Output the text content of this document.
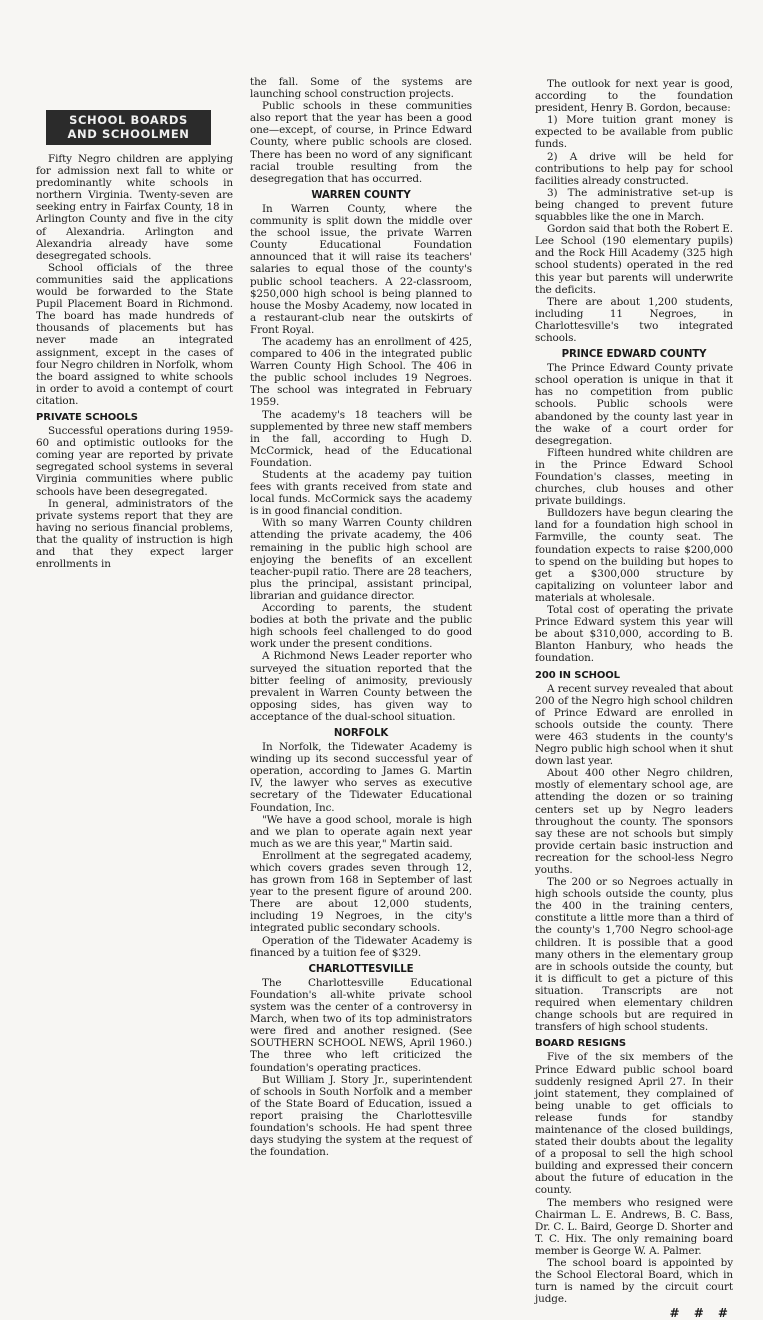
SCHOOL BOARDS
AND SCHOOLMEN

Fifty Negro children are applying for admission next fall to white or predominantly white schools in northern Virginia. Twenty-seven are seeking entry in Fairfax County, 18 in Arlington County and five in the city of Alexandria. Arlington and Alexandria already have some desegregated schools.

School officials of the three communities said the applications would be forwarded to the State Pupil Placement Board in Richmond. The board has made hundreds of thousands of placements but has never made an integrated assignment, except in the cases of four Negro children in Norfolk, whom the board assigned to white schools in order to avoid a contempt of court citation.

PRIVATE SCHOOLS

Successful operations during 1959-60 and optimistic outlooks for the coming year are reported by private segregated school systems in several Virginia communities where public schools have been desegregated.

In general, administrators of the private systems report that they are having no serious financial problems, that the quality of instruction is high and that they expect larger enrollments in

the fall. Some of the systems are launching school construction projects.

Public schools in these communities also report that the year has been a good one—except, of course, in Prince Edward County, where public schools are closed. There has been no word of any significant racial trouble resulting from the desegregation that has occurred.

WARREN COUNTY

In Warren County, where the community is split down the middle over the school issue, the private Warren County Educational Foundation announced that it will raise its teachers' salaries to equal those of the county's public school teachers. A 22-classroom, $250,000 high school is being planned to house the Mosby Academy, now located in a restaurant-club near the outskirts of Front Royal.

The academy has an enrollment of 425, compared to 406 in the integrated public Warren County High School. The 406 in the public school includes 19 Negroes. The school was integrated in February 1959.

The academy's 18 teachers will be supplemented by three new staff members in the fall, according to Hugh D. McCormick, head of the Educational Foundation.

Students at the academy pay tuition fees with grants received from state and local funds. McCormick says the academy is in good financial condition.

With so many Warren County children attending the private academy, the 406 remaining in the public high school are enjoying the benefits of an excellent teacher-pupil ratio. There are 28 teachers, plus the principal, assistant principal, librarian and guidance director.

According to parents, the student bodies at both the private and the public high schools feel challenged to do good work under the present conditions.

A Richmond News Leader reporter who surveyed the situation reported that the bitter feeling of animosity, previously prevalent in Warren County between the opposing sides, has given way to acceptance of the dual-school situation.

NORFOLK

In Norfolk, the Tidewater Academy is winding up its second successful year of operation, according to James G. Martin IV, the lawyer who serves as executive secretary of the Tidewater Educational Foundation, Inc.

"We have a good school, morale is high and we plan to operate again next year much as we are this year," Martin said.

Enrollment at the segregated academy, which covers grades seven through 12, has grown from 168 in September of last year to the present figure of around 200. There are about 12,000 students, including 19 Negroes, in the city's integrated public secondary schools.

Operation of the Tidewater Academy is financed by a tuition fee of $329.

CHARLOTTESVILLE

The Charlottesville Educational Foundation's all-white private school system was the center of a controversy in March, when two of its top administrators were fired and another resigned. (See SOUTHERN SCHOOL NEWS, April 1960.) The three who left criticized the foundation's operating practices.

But William J. Story Jr., superintendent of schools in South Norfolk and a member of the State Board of Education, issued a report praising the Charlottesville foundation's schools. He had spent three days studying the system at the request of the foundation.

The outlook for next year is good, according to the foundation president, Henry B. Gordon, because:

1) More tuition grant money is expected to be available from public funds.

2) A drive will be held for contributions to help pay for school facilities already constructed.

3) The administrative set-up is being changed to prevent future squabbles like the one in March.

Gordon said that both the Robert E. Lee School (190 elementary pupils) and the Rock Hill Academy (325 high school students) operated in the red this year but parents will underwrite the deficits.

There are about 1,200 students, including 11 Negroes, in Charlottesville's two integrated schools.

PRINCE EDWARD COUNTY

The Prince Edward County private school operation is unique in that it has no competition from public schools. Public schools were abandoned by the county last year in the wake of a court order for desegregation.

Fifteen hundred white children are in the Prince Edward School Foundation's classes, meeting in churches, club houses and other private buildings.

Bulldozers have begun clearing the land for a foundation high school in Farmville, the county seat. The foundation expects to raise $200,000 to spend on the building but hopes to get a $300,000 structure by capitalizing on volunteer labor and materials at wholesale.

Total cost of operating the private Prince Edward system this year will be about $310,000, according to B. Blanton Hanbury, who heads the foundation.

200 IN SCHOOL

A recent survey revealed that about 200 of the Negro high school children of Prince Edward are enrolled in schools outside the county. There were 463 students in the county's Negro public high school when it shut down last year.

About 400 other Negro children, mostly of elementary school age, are attending the dozen or so training centers set up by Negro leaders throughout the county. The sponsors say these are not schools but simply provide certain basic instruction and recreation for the school-less Negro youths.

The 200 or so Negroes actually in high schools outside the county, plus the 400 in the training centers, constitute a little more than a third of the county's 1,700 Negro school-age children. It is possible that a good many others in the elementary group are in schools outside the county, but it is difficult to get a picture of this situation. Transcripts are not required when elementary children change schools but are required in transfers of high school students.

BOARD RESIGNS

Five of the six members of the Prince Edward public school board suddenly resigned April 27. In their joint statement, they complained of being unable to get officials to release funds for standby maintenance of the closed buildings, stated their doubts about the legality of a proposal to sell the high school building and expressed their concern about the future of education in the county.

The members who resigned were Chairman L. E. Andrews, B. C. Bass, Dr. C. L. Baird, George D. Shorter and T. C. Hix. The only remaining board member is George W. A. Palmer.

The school board is appointed by the School Electoral Board, which in turn is named by the circuit court judge.

# # #
